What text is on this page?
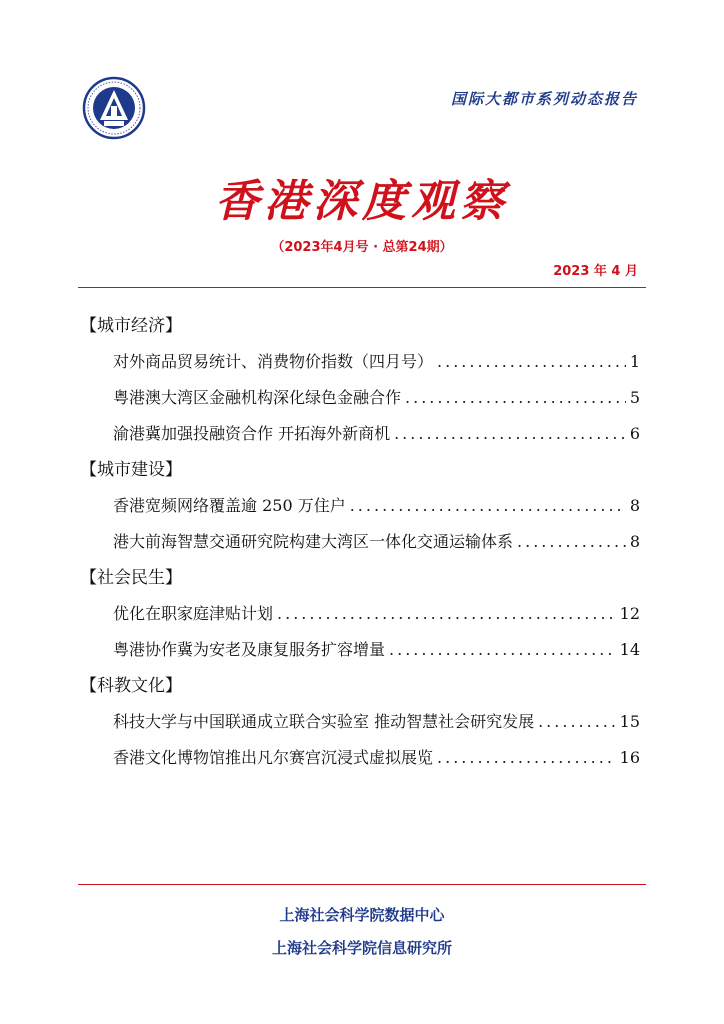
国际大都市系列动态报告
香港深度观察
（2023年4月号 · 总第24期）
2023 年 4 月
【城市经济】
对外商品贸易统计、消费物价指数（四月号） .....	1
粤港澳大湾区金融机构深化绿色金融合作 .....	5
渝港冀加强投融资合作 开拓海外新商机 .....	6
【城市建设】
香港宽频网络覆盖逾 250 万住户 .....	8
港大前海智慧交通研究院构建大湾区一体化交通运输体系 .....	8
【社会民生】
优化在职家庭津贴计划 .....	12
粤港协作冀为安老及康复服务扩容增量 .....	14
【科教文化】
科技大学与中国联通成立联合实验室 推动智慧社会研究发展 .....	15
香港文化博物馆推出凡尔赛宫沉浸式虚拟展览 .....	16
上海社会科学院数据中心
上海社会科学院信息研究所
